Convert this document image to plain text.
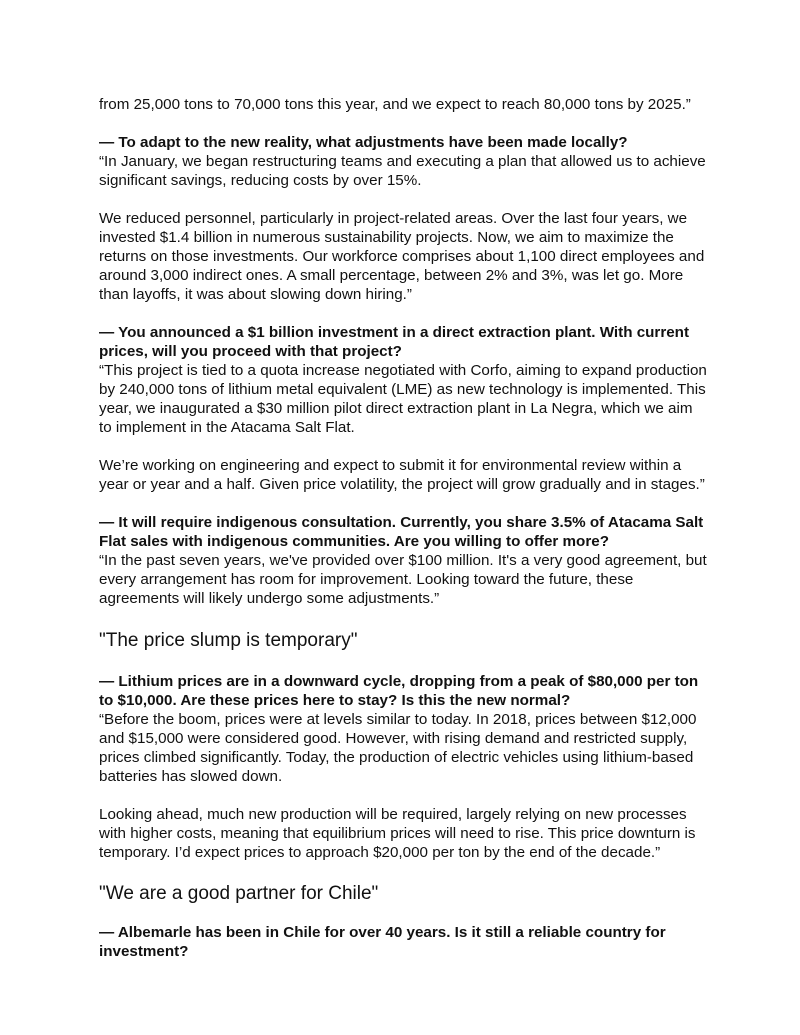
from 25,000 tons to 70,000 tons this year, and we expect to reach 80,000 tons by 2025.”

— To adapt to the new reality, what adjustments have been made locally?

“In January, we began restructuring teams and executing a plan that allowed us to achieve significant savings, reducing costs by over 15%.

We reduced personnel, particularly in project-related areas. Over the last four years, we invested $1.4 billion in numerous sustainability projects. Now, we aim to maximize the returns on those investments. Our workforce comprises about 1,100 direct employees and around 3,000 indirect ones. A small percentage, between 2% and 3%, was let go. More than layoffs, it was about slowing down hiring.”

— You announced a $1 billion investment in a direct extraction plant. With current prices, will you proceed with that project?

“This project is tied to a quota increase negotiated with Corfo, aiming to expand production by 240,000 tons of lithium metal equivalent (LME) as new technology is implemented. This year, we inaugurated a $30 million pilot direct extraction plant in La Negra, which we aim to implement in the Atacama Salt Flat.

We’re working on engineering and expect to submit it for environmental review within a year or year and a half. Given price volatility, the project will grow gradually and in stages.”

— It will require indigenous consultation. Currently, you share 3.5% of Atacama Salt Flat sales with indigenous communities. Are you willing to offer more?

“In the past seven years, we've provided over $100 million. It's a very good agreement, but every arrangement has room for improvement. Looking toward the future, these agreements will likely undergo some adjustments.”

"The price slump is temporary"

— Lithium prices are in a downward cycle, dropping from a peak of $80,000 per ton to $10,000. Are these prices here to stay? Is this the new normal?

“Before the boom, prices were at levels similar to today. In 2018, prices between $12,000 and $15,000 were considered good. However, with rising demand and restricted supply, prices climbed significantly. Today, the production of electric vehicles using lithium-based batteries has slowed down.

Looking ahead, much new production will be required, largely relying on new processes with higher costs, meaning that equilibrium prices will need to rise. This price downturn is temporary. I’d expect prices to approach $20,000 per ton by the end of the decade.”

"We are a good partner for Chile"

— Albemarle has been in Chile for over 40 years. Is it still a reliable country for investment?
